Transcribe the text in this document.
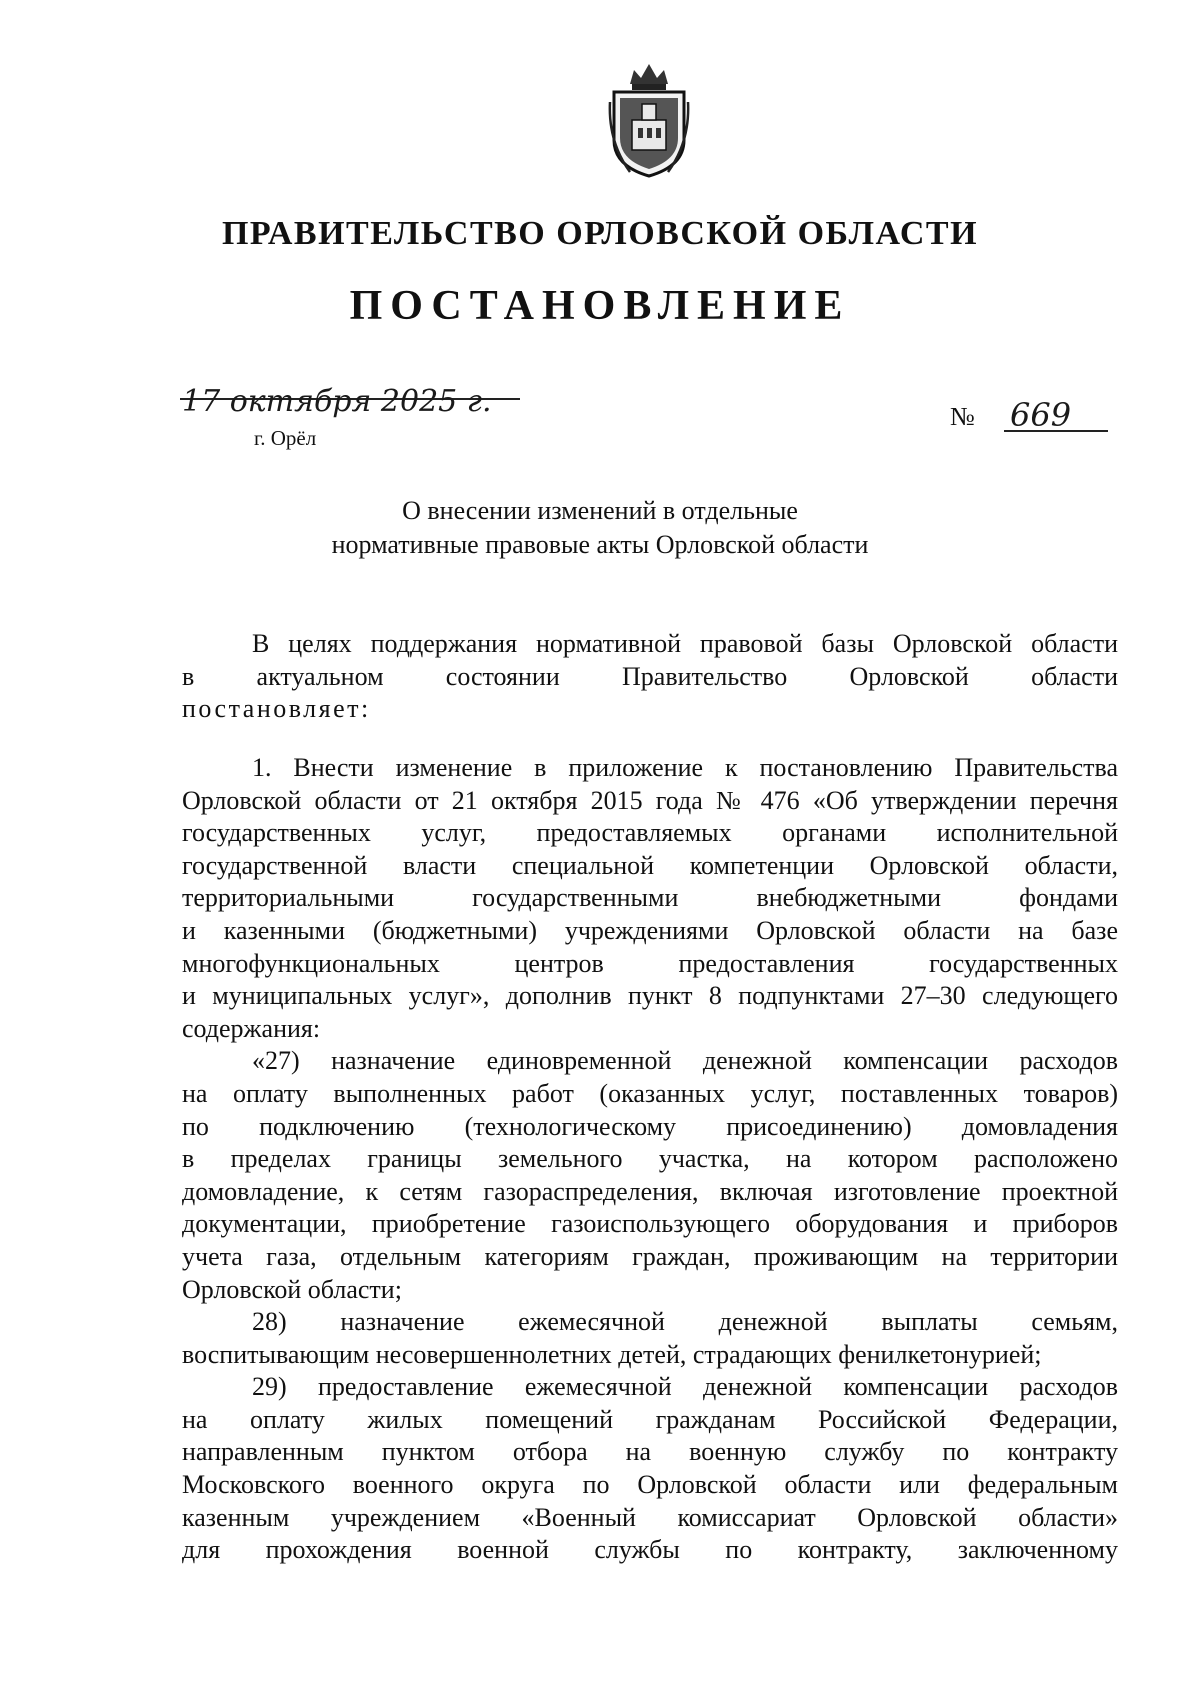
ПРАВИТЕЛЬСТВО ОРЛОВСКОЙ ОБЛАСТИ
ПОСТАНОВЛЕНИЕ
17 октября 2025 г.
г. Орёл
№ 669
О внесении изменений в отдельные
нормативные правовые акты Орловской области
В целях поддержания нормативной правовой базы Орловской области
в актуальном состоянии Правительство Орловской области
постановляет:
1. Внести изменение в приложение к постановлению Правительства
Орловской области от 21 октября 2015 года № 476 «Об утверждении перечня
государственных услуг, предоставляемых органами исполнительной
государственной власти специальной компетенции Орловской области,
территориальными государственными внебюджетными фондами
и казенными (бюджетными) учреждениями Орловской области на базе
многофункциональных центров предоставления государственных
и муниципальных услуг», дополнив пункт 8 подпунктами 27–30 следующего
содержания:
«27) назначение единовременной денежной компенсации расходов
на оплату выполненных работ (оказанных услуг, поставленных товаров)
по подключению (технологическому присоединению) домовладения
в пределах границы земельного участка, на котором расположено
домовладение, к сетям газораспределения, включая изготовление проектной
документации, приобретение газоиспользующего оборудования и приборов
учета газа, отдельным категориям граждан, проживающим на территории
Орловской области;
28) назначение ежемесячной денежной выплаты семьям,
воспитывающим несовершеннолетних детей, страдающих фенилкетонурией;
29) предоставление ежемесячной денежной компенсации расходов
на оплату жилых помещений гражданам Российской Федерации,
направленным пунктом отбора на военную службу по контракту
Московского военного округа по Орловской области или федеральным
казенным учреждением «Военный комиссариат Орловской области»
для прохождения военной службы по контракту, заключенному
